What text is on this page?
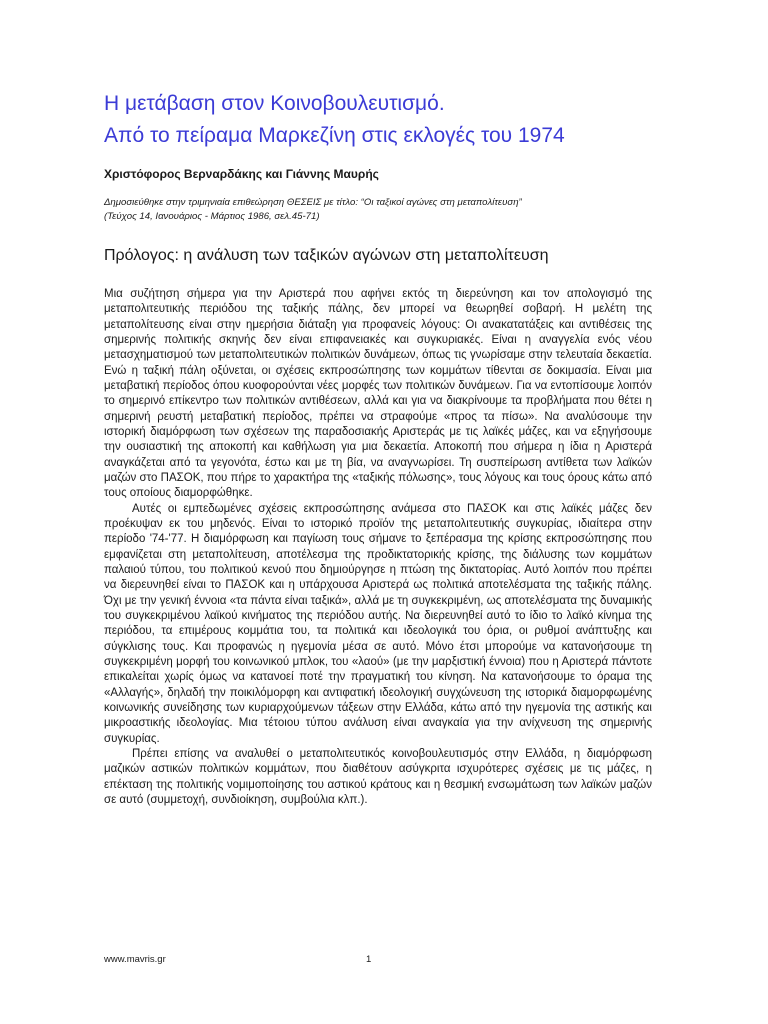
Η μετάβαση στον Κοινοβουλευτισμό.
Από το πείραμα Μαρκεζίνη στις εκλογές του 1974
Χριστόφορος Βερναρδάκης και Γιάννης Μαυρής
Δημοσιεύθηκε στην τριμηνιαία επιθεώρηση ΘΕΣΕΙΣ με τίτλο: “Οι ταξικοί αγώνες στη μεταπολίτευση”
(Τεύχος 14, Ιανουάριος - Μάρτιος 1986, σελ.45-71)
Πρόλογος: η ανάλυση των ταξικών αγώνων στη μεταπολίτευση

Μια συζήτηση σήμερα για την Αριστερά που αφήνει εκτός τη διερεύνηση και τον απολογισμό της μεταπολιτευτικής περιόδου της ταξικής πάλης, δεν μπορεί να θεωρηθεί σοβαρή. Η μελέτη της μεταπολίτευσης είναι στην ημερήσια διάταξη για προφανείς λόγους: Οι ανακατατάξεις και αντιθέσεις της σημερινής πολιτικής σκηνής δεν είναι επιφανειακές και συγκυριακές. Είναι η αναγγελία ενός νέου μετασχηματισμού των μεταπολιτευτικών πολιτικών δυνάμεων, όπως τις γνωρίσαμε στην τελευταία δεκαετία. Ενώ η ταξική πάλη οξύνεται, οι σχέσεις εκπροσώπησης των κομμάτων τίθενται σε δοκιμασία. Είναι μια μεταβατική περίοδος όπου κυοφορούνται νέες μορφές των πολιτικών δυνάμεων. Για να εντοπίσουμε λοιπόν το σημερινό επίκεντρο των πολιτικών αντιθέσεων, αλλά και για να διακρίνουμε τα προβλήματα που θέτει η σημερινή ρευστή μεταβατική περίοδος, πρέπει να στραφούμε «προς τα πίσω». Να αναλύσουμε την ιστορική διαμόρφωση των σχέσεων της παραδοσιακής Αριστεράς με τις λαϊκές μάζες, και να εξηγήσουμε την ουσιαστική της αποκοπή και καθήλωση για μια δεκαετία. Αποκοπή που σήμερα η ίδια η Αριστερά αναγκάζεται από τα γεγονότα, έστω και με τη βία, να αναγνωρίσει. Τη συσπείρωση αντίθετα των λαϊκών μαζών στο ΠΑΣΟΚ, που πήρε το χαρακτήρα της «ταξικής πόλωσης», τους λόγους και τους όρους κάτω από τους οποίους διαμορφώθηκε.

Αυτές οι εμπεδωμένες σχέσεις εκπροσώπησης ανάμεσα στο ΠΑΣΟΚ και στις λαϊκές μάζες δεν προέκυψαν εκ του μηδενός. Είναι το ιστορικό προϊόν της μεταπολιτευτικής συγκυρίας, ιδιαίτερα στην περίοδο '74-'77. Η διαμόρφωση και παγίωση τους σήμανε το ξεπέρασμα της κρίσης εκπροσώπησης που εμφανίζεται στη μεταπολίτευση, αποτέλεσμα της προδικτατορικής κρίσης, της διάλυσης των κομμάτων παλαιού τύπου, του πολιτικού κενού που δημιούργησε η πτώση της δικτατορίας. Αυτό λοιπόν που πρέπει να διερευνηθεί είναι το ΠΑΣΟΚ και η υπάρχουσα Αριστερά ως πολιτικά αποτελέσματα της ταξικής πάλης. Όχι με την γενική έννοια «τα πάντα είναι ταξικά», αλλά με τη συγκεκριμένη, ως αποτελέσματα της δυναμικής του συγκεκριμένου λαϊκού κινήματος της περιόδου αυτής. Να διερευνηθεί αυτό το ίδιο το λαϊκό κίνημα της περιόδου, τα επιμέρους κομμάτια του, τα πολιτικά και ιδεολογικά του όρια, οι ρυθμοί ανάπτυξης και σύγκλισης τους. Και προφανώς η ηγεμονία μέσα σε αυτό. Μόνο έτσι μπορούμε να κατανοήσουμε τη συγκεκριμένη μορφή του κοινωνικού μπλοκ, του «λαού» (με την μαρξιστική έννοια) που η Αριστερά πάντοτε επικαλείται χωρίς όμως να κατανοεί ποτέ την πραγματική του κίνηση. Να κατανοήσουμε το όραμα της «Αλλαγής», δηλαδή την ποικιλόμορφη και αντιφατική ιδεολογική συγχώνευση της ιστορικά διαμορφωμένης κοινωνικής συνείδησης των κυριαρχούμενων τάξεων στην Ελλάδα, κάτω από την ηγεμονία της αστικής και μικροαστικής ιδεολογίας. Μια τέτοιου τύπου ανάλυση είναι αναγκαία για την ανίχνευση της σημερινής συγκυρίας.

Πρέπει επίσης να αναλυθεί ο μεταπολιτευτικός κοινοβουλευτισμός στην Ελλάδα, η διαμόρφωση μαζικών αστικών πολιτικών κομμάτων, που διαθέτουν ασύγκριτα ισχυρότερες σχέσεις με τις μάζες, η επέκταση της πολιτικής νομιμοποίησης του αστικού κράτους και η θεσμική ενσωμάτωση των λαϊκών μαζών σε αυτό (συμμετοχή, συνδιοίκηση, συμβούλια κλπ.).

www.mavris.gr	1
